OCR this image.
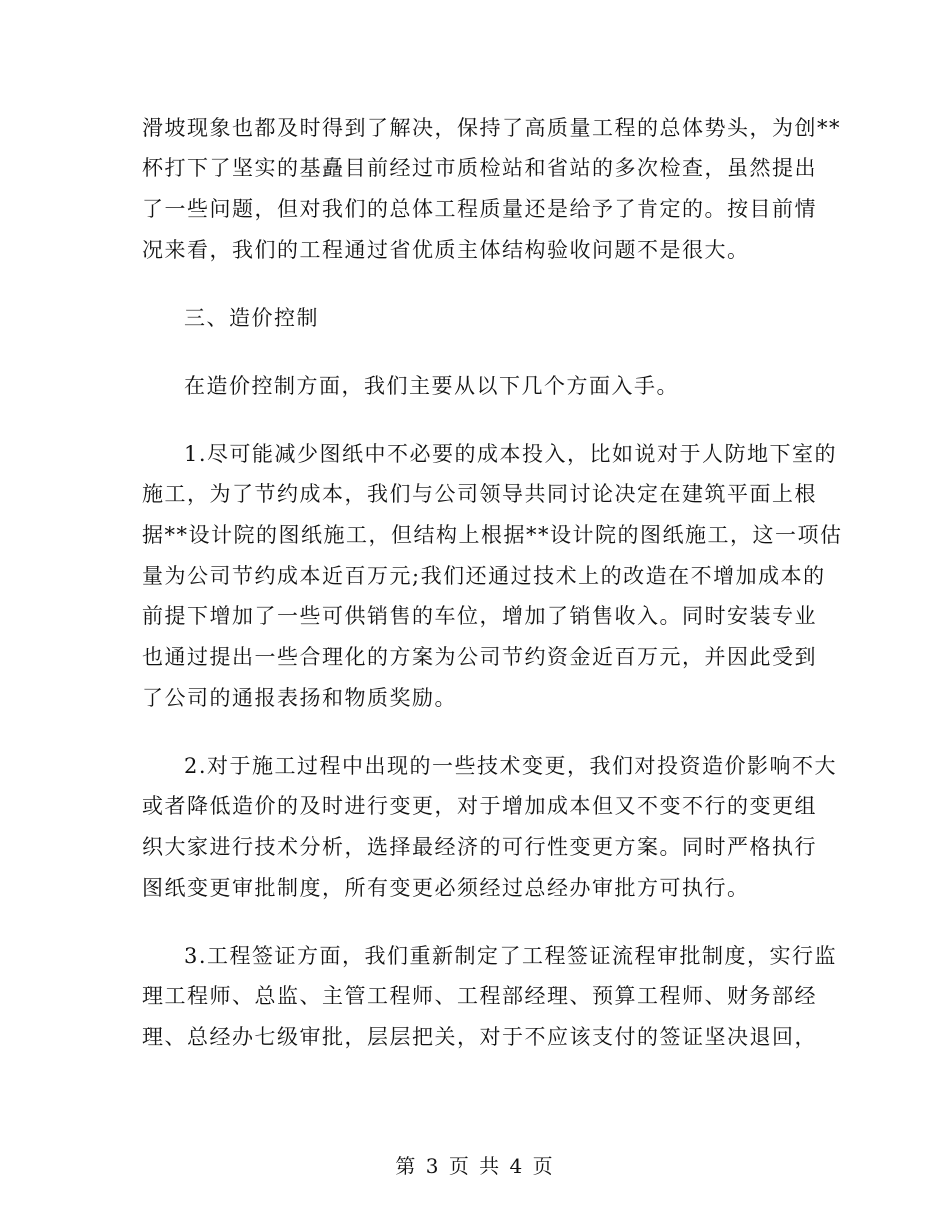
滑坡现象也都及时得到了解决，保持了高质量工程的总体势头，为创**
杯打下了坚实的基矗目前经过市质检站和省站的多次检查，虽然提出
了一些问题，但对我们的总体工程质量还是给予了肯定的。按目前情
况来看，我们的工程通过省优质主体结构验收问题不是很大。
三、造价控制
在造价控制方面，我们主要从以下几个方面入手。
1.尽可能减少图纸中不必要的成本投入，比如说对于人防地下室的
施工，为了节约成本，我们与公司领导共同讨论决定在建筑平面上根
据**设计院的图纸施工，但结构上根据**设计院的图纸施工，这一项估
量为公司节约成本近百万元;我们还通过技术上的改造在不增加成本的
前提下增加了一些可供销售的车位，增加了销售收入。同时安装专业
也通过提出一些合理化的方案为公司节约资金近百万元，并因此受到
了公司的通报表扬和物质奖励。
2.对于施工过程中出现的一些技术变更，我们对投资造价影响不大
或者降低造价的及时进行变更，对于增加成本但又不变不行的变更组
织大家进行技术分析，选择最经济的可行性变更方案。同时严格执行
图纸变更审批制度，所有变更必须经过总经办审批方可执行。
3.工程签证方面，我们重新制定了工程签证流程审批制度，实行监
理工程师、总监、主管工程师、工程部经理、预算工程师、财务部经
理、总经办七级审批，层层把关，对于不应该支付的签证坚决退回，
第 3 页 共 4 页
